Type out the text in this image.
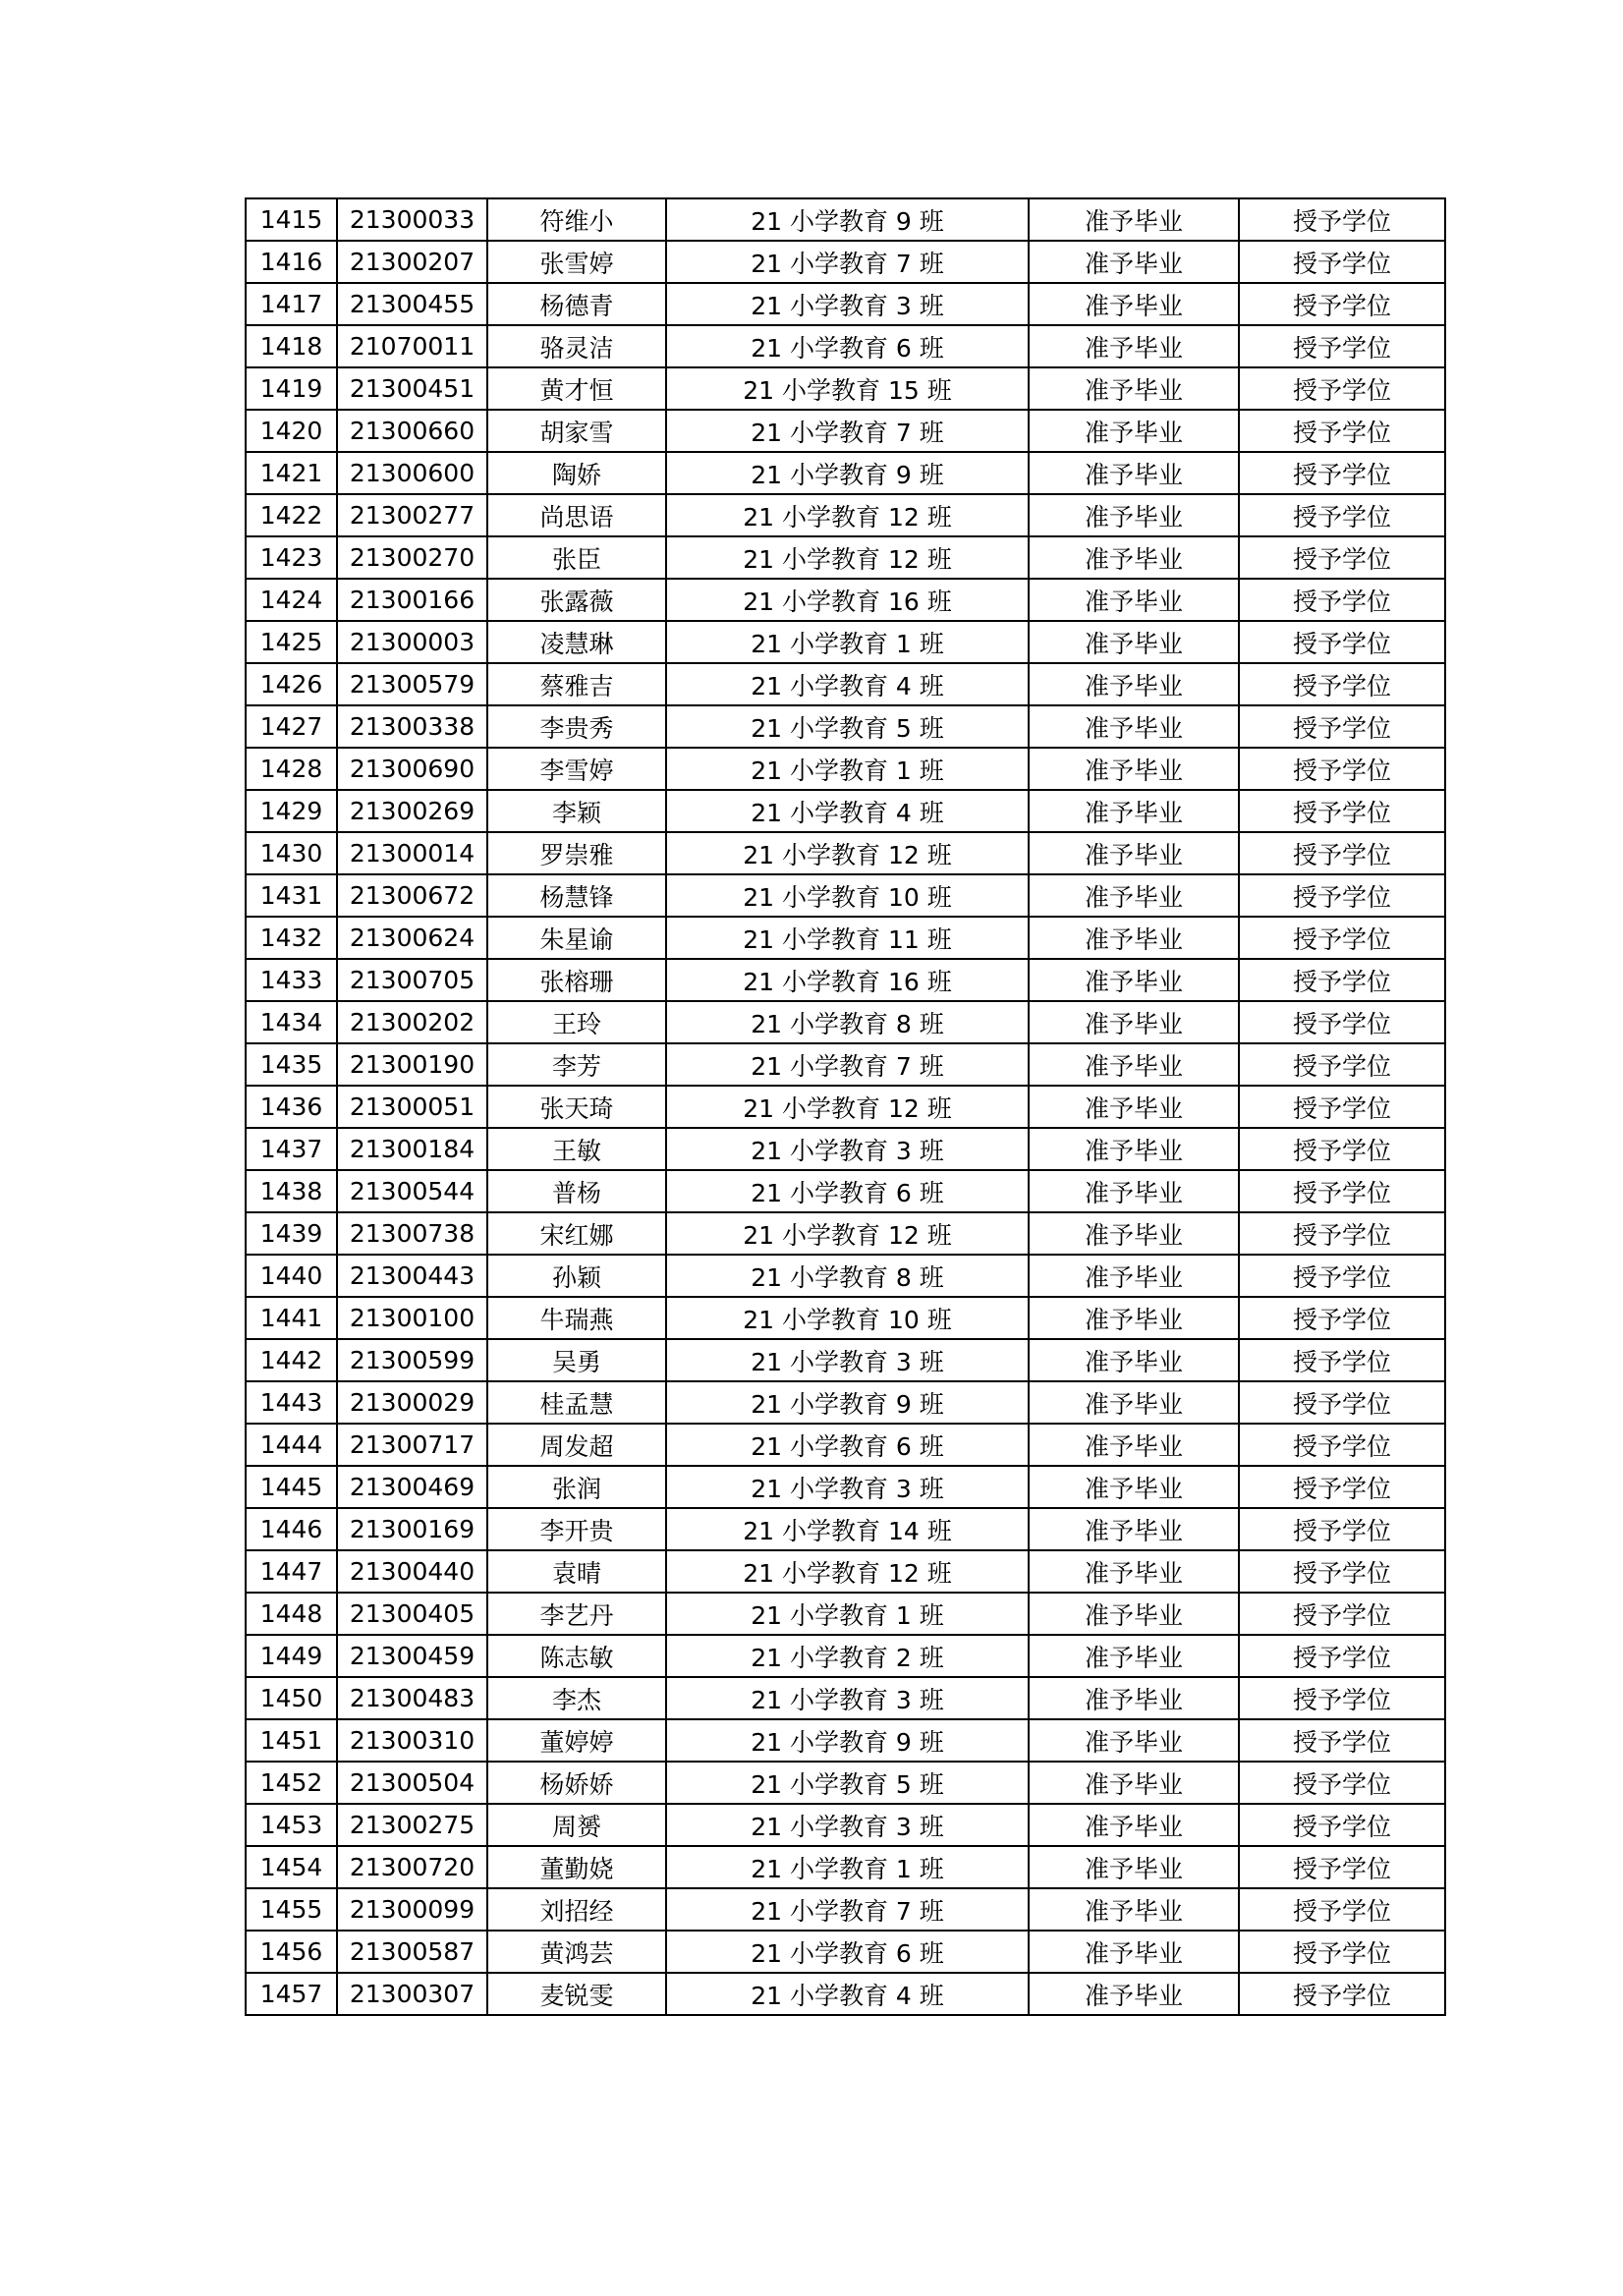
1415	21300033	符维小	21 小学教育 9 班	准予毕业	授予学位
1416	21300207	张雪婷	21 小学教育 7 班	准予毕业	授予学位
1417	21300455	杨德青	21 小学教育 3 班	准予毕业	授予学位
1418	21070011	骆灵洁	21 小学教育 6 班	准予毕业	授予学位
1419	21300451	黄才恒	21 小学教育 15 班	准予毕业	授予学位
1420	21300660	胡家雪	21 小学教育 7 班	准予毕业	授予学位
1421	21300600	陶娇	21 小学教育 9 班	准予毕业	授予学位
1422	21300277	尚思语	21 小学教育 12 班	准予毕业	授予学位
1423	21300270	张臣	21 小学教育 12 班	准予毕业	授予学位
1424	21300166	张露薇	21 小学教育 16 班	准予毕业	授予学位
1425	21300003	凌慧琳	21 小学教育 1 班	准予毕业	授予学位
1426	21300579	蔡雅吉	21 小学教育 4 班	准予毕业	授予学位
1427	21300338	李贵秀	21 小学教育 5 班	准予毕业	授予学位
1428	21300690	李雪婷	21 小学教育 1 班	准予毕业	授予学位
1429	21300269	李颖	21 小学教育 4 班	准予毕业	授予学位
1430	21300014	罗崇雅	21 小学教育 12 班	准予毕业	授予学位
1431	21300672	杨慧锋	21 小学教育 10 班	准予毕业	授予学位
1432	21300624	朱星谕	21 小学教育 11 班	准予毕业	授予学位
1433	21300705	张榕珊	21 小学教育 16 班	准予毕业	授予学位
1434	21300202	王玲	21 小学教育 8 班	准予毕业	授予学位
1435	21300190	李芳	21 小学教育 7 班	准予毕业	授予学位
1436	21300051	张天琦	21 小学教育 12 班	准予毕业	授予学位
1437	21300184	王敏	21 小学教育 3 班	准予毕业	授予学位
1438	21300544	普杨	21 小学教育 6 班	准予毕业	授予学位
1439	21300738	宋红娜	21 小学教育 12 班	准予毕业	授予学位
1440	21300443	孙颖	21 小学教育 8 班	准予毕业	授予学位
1441	21300100	牛瑞燕	21 小学教育 10 班	准予毕业	授予学位
1442	21300599	吴勇	21 小学教育 3 班	准予毕业	授予学位
1443	21300029	桂孟慧	21 小学教育 9 班	准予毕业	授予学位
1444	21300717	周发超	21 小学教育 6 班	准予毕业	授予学位
1445	21300469	张润	21 小学教育 3 班	准予毕业	授予学位
1446	21300169	李开贵	21 小学教育 14 班	准予毕业	授予学位
1447	21300440	袁晴	21 小学教育 12 班	准予毕业	授予学位
1448	21300405	李艺丹	21 小学教育 1 班	准予毕业	授予学位
1449	21300459	陈志敏	21 小学教育 2 班	准予毕业	授予学位
1450	21300483	李杰	21 小学教育 3 班	准予毕业	授予学位
1451	21300310	董婷婷	21 小学教育 9 班	准予毕业	授予学位
1452	21300504	杨娇娇	21 小学教育 5 班	准予毕业	授予学位
1453	21300275	周赟	21 小学教育 3 班	准予毕业	授予学位
1454	21300720	董勤娆	21 小学教育 1 班	准予毕业	授予学位
1455	21300099	刘招经	21 小学教育 7 班	准予毕业	授予学位
1456	21300587	黄鸿芸	21 小学教育 6 班	准予毕业	授予学位
1457	21300307	麦锐雯	21 小学教育 4 班	准予毕业	授予学位
